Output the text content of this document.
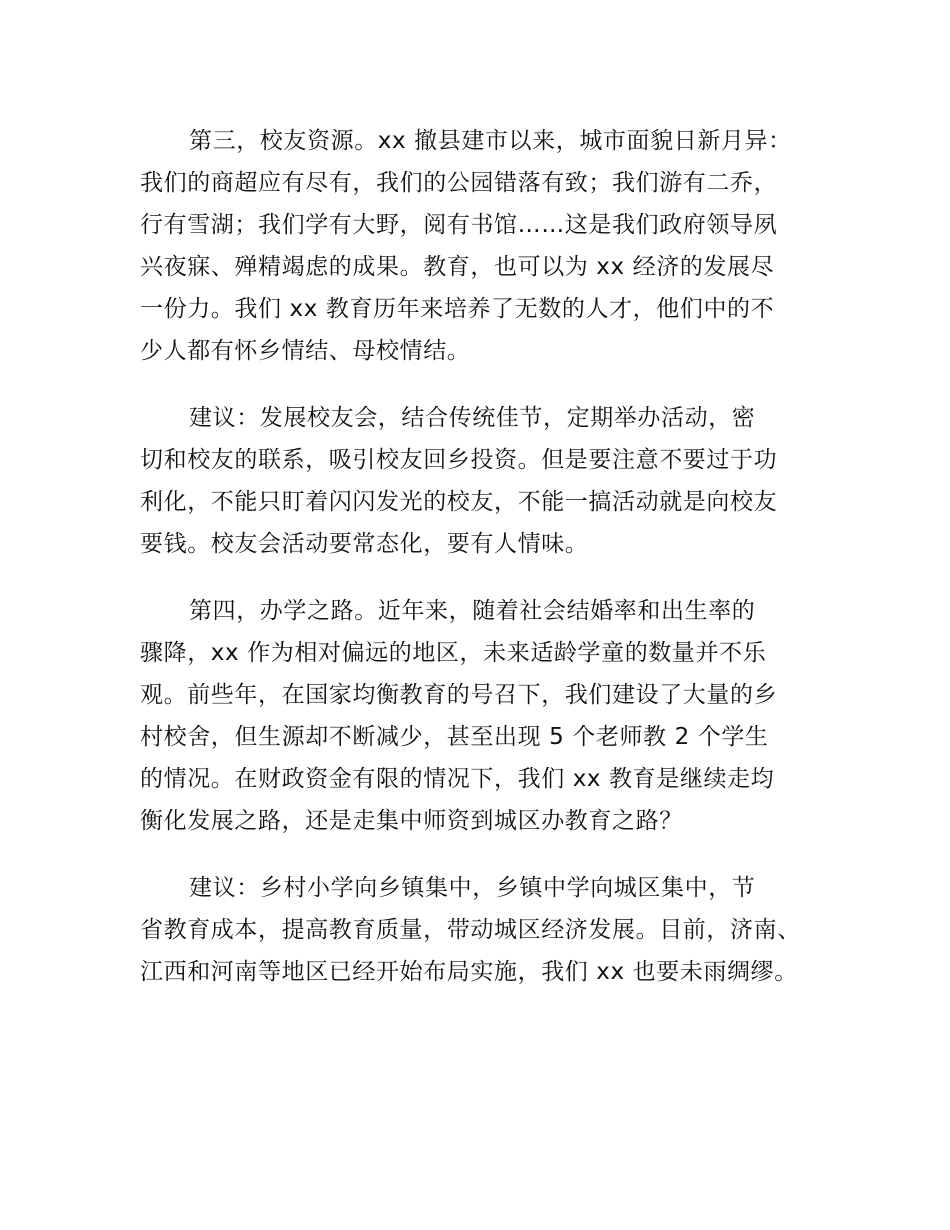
第三，校友资源。xx 撤县建市以来，城市面貌日新月异：
我们的商超应有尽有，我们的公园错落有致；我们游有二乔，
行有雪湖；我们学有大野，阅有书馆……这是我们政府领导夙
兴夜寐、殚精竭虑的成果。教育，也可以为 xx 经济的发展尽
一份力。我们 xx 教育历年来培养了无数的人才，他们中的不
少人都有怀乡情结、母校情结。
建议：发展校友会，结合传统佳节，定期举办活动，密
切和校友的联系，吸引校友回乡投资。但是要注意不要过于功
利化，不能只盯着闪闪发光的校友，不能一搞活动就是向校友
要钱。校友会活动要常态化，要有人情味。
第四，办学之路。近年来，随着社会结婚率和出生率的
骤降，xx 作为相对偏远的地区，未来适龄学童的数量并不乐
观。前些年，在国家均衡教育的号召下，我们建设了大量的乡
村校舍，但生源却不断减少，甚至出现 5 个老师教 2 个学生
的情况。在财政资金有限的情况下，我们 xx 教育是继续走均
衡化发展之路，还是走集中师资到城区办教育之路？
建议：乡村小学向乡镇集中，乡镇中学向城区集中，节
省教育成本，提高教育质量，带动城区经济发展。目前，济南、
江西和河南等地区已经开始布局实施，我们 xx 也要未雨绸缪。
